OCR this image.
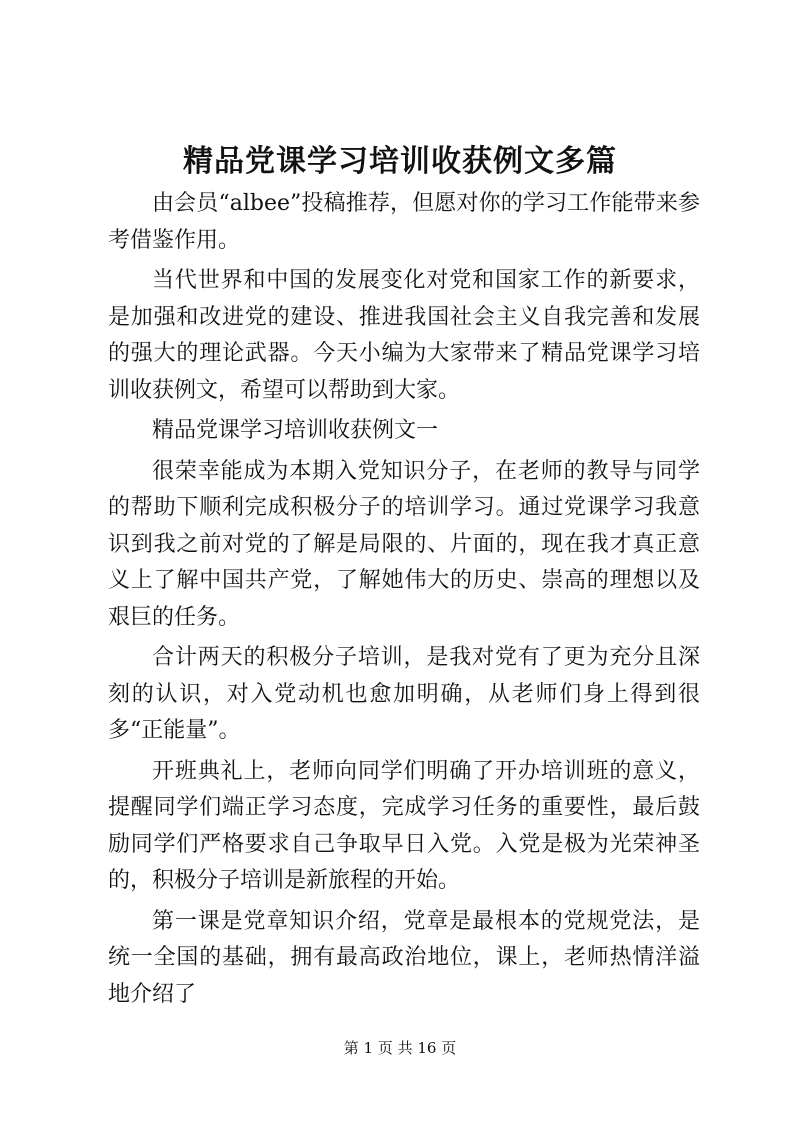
精品党课学习培训收获例文多篇

由会员“albee”投稿推荐，但愿对你的学习工作能带来参考借鉴作用。

当代世界和中国的发展变化对党和国家工作的新要求，是加强和改进党的建设、推进我国社会主义自我完善和发展的强大的理论武器。今天小编为大家带来了精品党课学习培训收获例文，希望可以帮助到大家。

精品党课学习培训收获例文一

很荣幸能成为本期入党知识分子，在老师的教导与同学的帮助下顺利完成积极分子的培训学习。通过党课学习我意识到我之前对党的了解是局限的、片面的，现在我才真正意义上了解中国共产党，了解她伟大的历史、崇高的理想以及艰巨的任务。

合计两天的积极分子培训，是我对党有了更为充分且深刻的认识，对入党动机也愈加明确，从老师们身上得到很多“正能量”。

开班典礼上，老师向同学们明确了开办培训班的意义，提醒同学们端正学习态度，完成学习任务的重要性，最后鼓励同学们严格要求自己争取早日入党。入党是极为光荣神圣的，积极分子培训是新旅程的开始。

第一课是党章知识介绍，党章是最根本的党规党法，是统一全国的基础，拥有最高政治地位，课上，老师热情洋溢地介绍了

第 1 页 共 16 页
